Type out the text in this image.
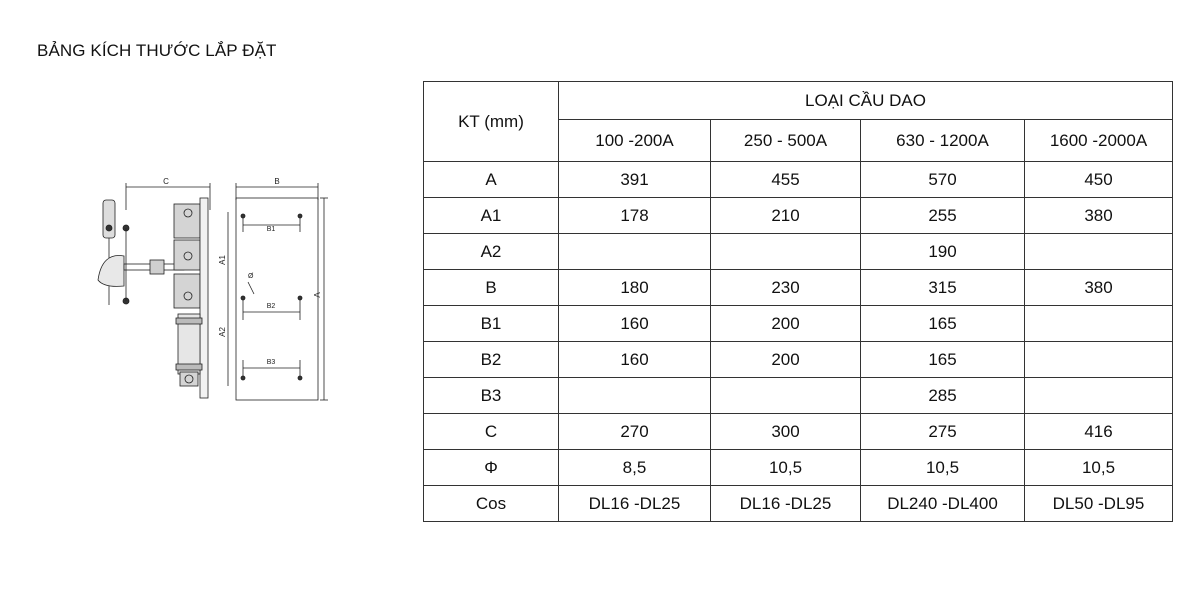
BẢNG KÍCH THƯỚC LẮP ĐẶT
C	B
B1
B2
B3
A1
A2
A
Ø
KT (mm)	LOẠI CẦU DAO			
	100 -200A	250 - 500A	630 - 1200A	1600 -2000A
A	391	455	570	450
A1	178	210	255	380
A2			190	
B	180	230	315	380
B1	160	200	165	
B2	160	200	165	
B3			285	
C	270	300	275	416
Φ	8,5	10,5	10,5	10,5
Cos	DL16 -DL25	DL16 -DL25	DL240 -DL400	DL50 -DL95
